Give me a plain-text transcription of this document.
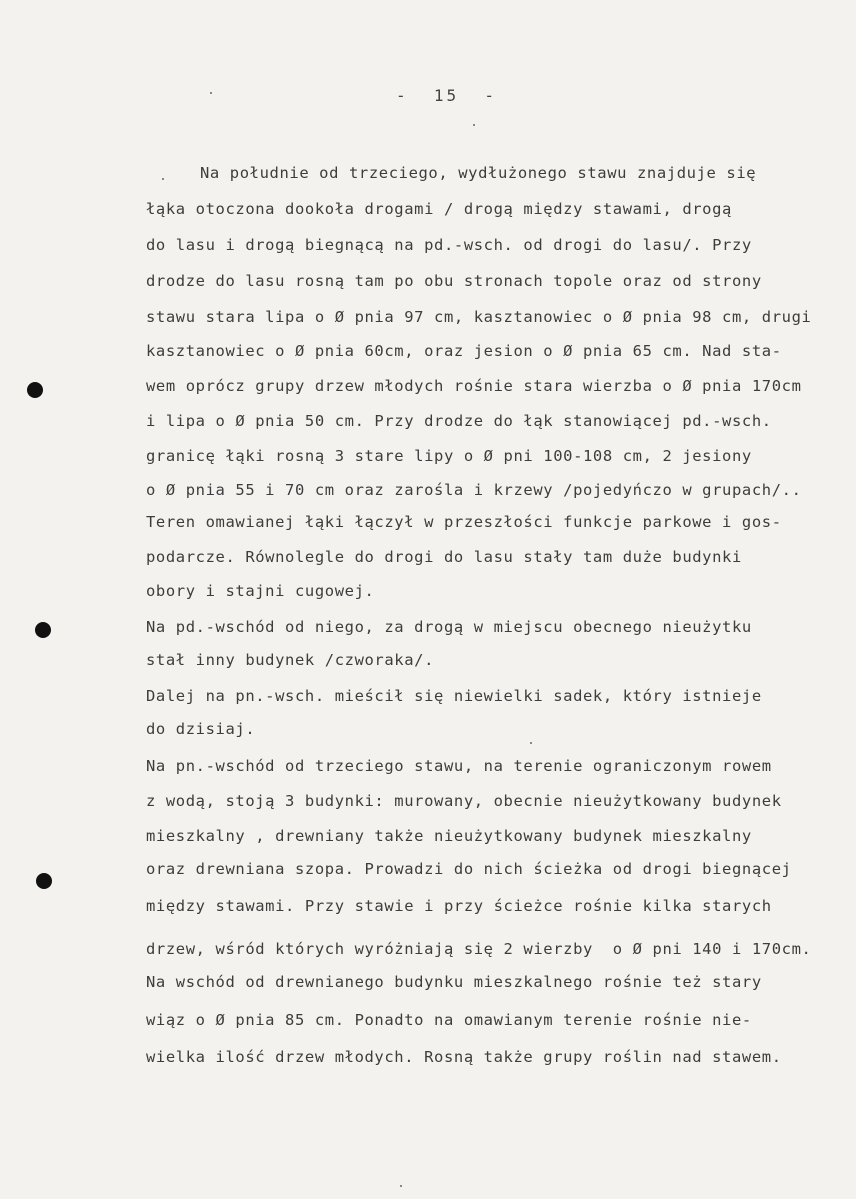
-  15  -
Na południe od trzeciego, wydłużonego stawu znajduje się
łąka otoczona dookoła drogami / drogą między stawami, drogą
do lasu i drogą biegnącą na pd.-wsch. od drogi do lasu/. Przy
drodze do lasu rosną tam po obu stronach topole oraz od strony
stawu stara lipa o Ø pnia 97 cm, kasztanowiec o Ø pnia 98 cm, drugi
kasztanowiec o Ø pnia 60cm, oraz jesion o Ø pnia 65 cm. Nad sta-
wem oprócz grupy drzew młodych rośnie stara wierzba o Ø pnia 170cm
i lipa o Ø pnia 50 cm. Przy drodze do łąk stanowiącej pd.-wsch.
granicę łąki rosną 3 stare lipy o Ø pni 100-108 cm, 2 jesiony
o Ø pnia 55 i 70 cm oraz zarośla i krzewy /pojedyńczo w grupach/..
Teren omawianej łąki łączył w przeszłości funkcje parkowe i gos-
podarcze. Równolegle do drogi do lasu stały tam duże budynki
obory i stajni cugowej.
Na pd.-wschód od niego, za drogą w miejscu obecnego nieużytku
stał inny budynek /czworaka/.
Dalej na pn.-wsch. mieścił się niewielki sadek, który istnieje
do dzisiaj.
Na pn.-wschód od trzeciego stawu, na terenie ograniczonym rowem
z wodą, stoją 3 budynki: murowany, obecnie nieużytkowany budynek
mieszkalny , drewniany także nieużytkowany budynek mieszkalny
oraz drewniana szopa. Prowadzi do nich ścieżka od drogi biegnącej
między stawami. Przy stawie i przy ścieżce rośnie kilka starych
drzew, wśród których wyróżniają się 2 wierzby  o Ø pni 140 i 170cm.
Na wschód od drewnianego budynku mieszkalnego rośnie też stary
wiąz o Ø pnia 85 cm. Ponadto na omawianym terenie rośnie nie-
wielka ilość drzew młodych. Rosną także grupy roślin nad stawem.
